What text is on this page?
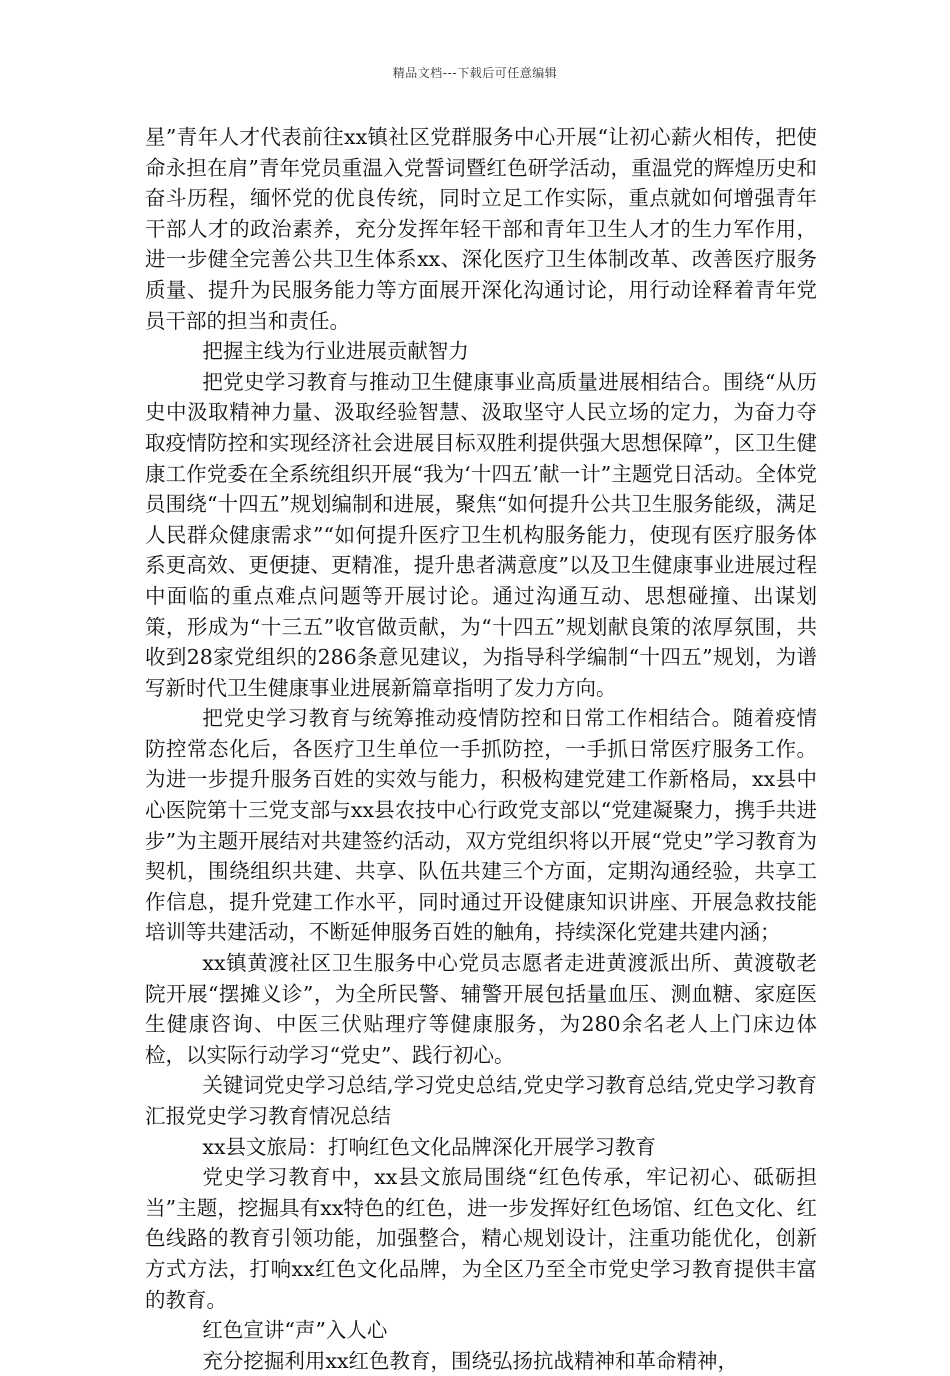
精品文档---下载后可任意编辑

星”青年人才代表前往xx镇社区党群服务中心开展“让初心薪火相传，把使命永担在肩”青年党员重温入党誓词暨红色研学活动，重温党的辉煌历史和奋斗历程，缅怀党的优良传统，同时立足工作实际，重点就如何增强青年干部人才的政治素养，充分发挥年轻干部和青年卫生人才的生力军作用，进一步健全完善公共卫生体系xx、深化医疗卫生体制改革、改善医疗服务质量、提升为民服务能力等方面展开深化沟通讨论，用行动诠释着青年党员干部的担当和责任。

把握主线为行业进展贡献智力

把党史学习教育与推动卫生健康事业高质量进展相结合。围绕“从历史中汲取精神力量、汲取经验智慧、汲取坚守人民立场的定力，为奋力夺取疫情防控和实现经济社会进展目标双胜利提供强大思想保障”，区卫生健康工作党委在全系统组织开展“我为‘十四五’献一计”主题党日活动。全体党员围绕“十四五”规划编制和进展，聚焦“如何提升公共卫生服务能级，满足人民群众健康需求”“如何提升医疗卫生机构服务能力，使现有医疗服务体系更高效、更便捷、更精准，提升患者满意度”以及卫生健康事业进展过程中面临的重点难点问题等开展讨论。通过沟通互动、思想碰撞、出谋划策，形成为“十三五”收官做贡献，为“十四五”规划献良策的浓厚氛围，共收到28家党组织的286条意见建议，为指导科学编制“十四五”规划，为谱写新时代卫生健康事业进展新篇章指明了发力方向。

把党史学习教育与统筹推动疫情防控和日常工作相结合。随着疫情防控常态化后，各医疗卫生单位一手抓防控，一手抓日常医疗服务工作。为进一步提升服务百姓的实效与能力，积极构建党建工作新格局，xx县中心医院第十三党支部与xx县农技中心行政党支部以“党建凝聚力，携手共进步”为主题开展结对共建签约活动，双方党组织将以开展“党史”学习教育为契机，围绕组织共建、共享、队伍共建三个方面，定期沟通经验，共享工作信息，提升党建工作水平，同时通过开设健康知识讲座、开展急救技能培训等共建活动，不断延伸服务百姓的触角，持续深化党建共建内涵；

xx镇黄渡社区卫生服务中心党员志愿者走进黄渡派出所、黄渡敬老院开展“摆摊义诊”，为全所民警、辅警开展包括量血压、测血糖、家庭医生健康咨询、中医三伏贴理疗等健康服务，为280余名老人上门床边体检，以实际行动学习“党史”、践行初心。

关键词党史学习总结,学习党史总结,党史学习教育总结,党史学习教育汇报党史学习教育情况总结

xx县文旅局：打响红色文化品牌深化开展学习教育

党史学习教育中，xx县文旅局围绕“红色传承，牢记初心、砥砺担当”主题，挖掘具有xx特色的红色，进一步发挥好红色场馆、红色文化、红色线路的教育引领功能，加强整合，精心规划设计，注重功能优化，创新方式方法，打响xx红色文化品牌，为全区乃至全市党史学习教育提供丰富的教育。

红色宣讲“声”入人心

充分挖掘利用xx红色教育，围绕弘扬抗战精神和革命精神，
